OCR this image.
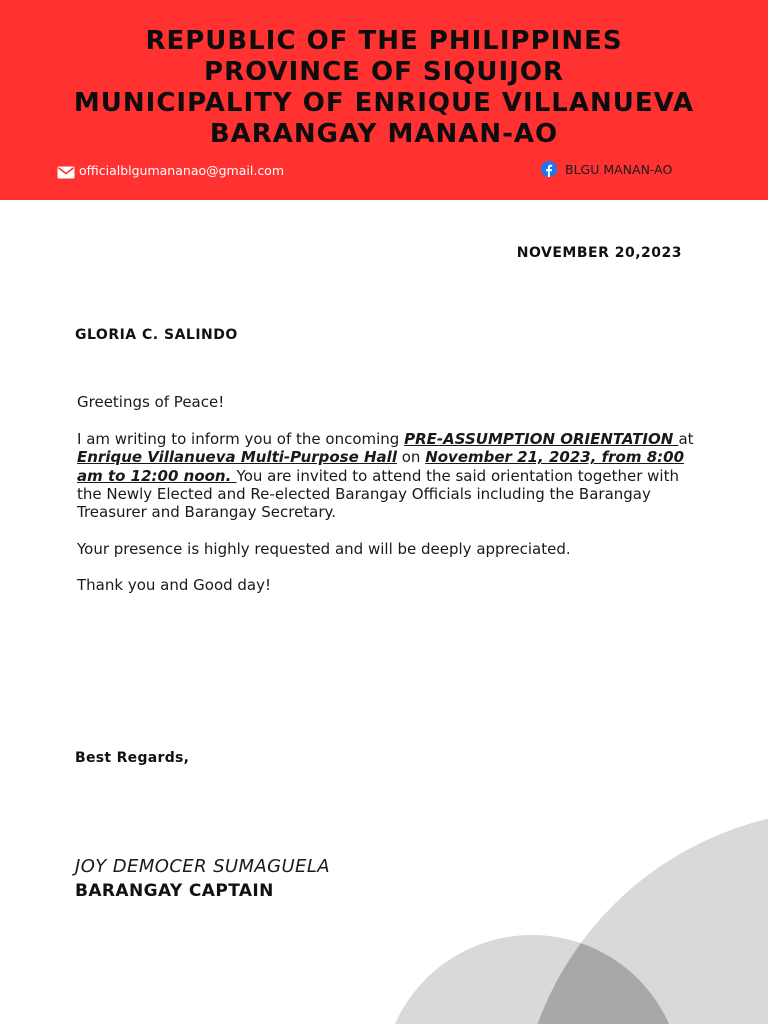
REPUBLIC OF THE PHILIPPINES
PROVINCE OF SIQUIJOR
MUNICIPALITY OF ENRIQUE VILLANUEVA
BARANGAY MANAN-AO
officialblgumananao@gmail.com	BLGU MANAN-AO
NOVEMBER 20,2023
GLORIA C. SALINDO
Greetings of Peace!
I am writing to inform you of the oncoming PRE-ASSUMPTION ORIENTATION at Enrique Villanueva Multi-Purpose Hall on November 21, 2023, from 8:00 am to 12:00 noon. You are invited to attend the said orientation together with the Newly Elected and Re-elected Barangay Officials including the Barangay Treasurer and Barangay Secretary.
Your presence is highly requested and will be deeply appreciated.
Thank you and Good day!
Best Regards,
JOY DEMOCER SUMAGUELA
BARANGAY CAPTAIN
